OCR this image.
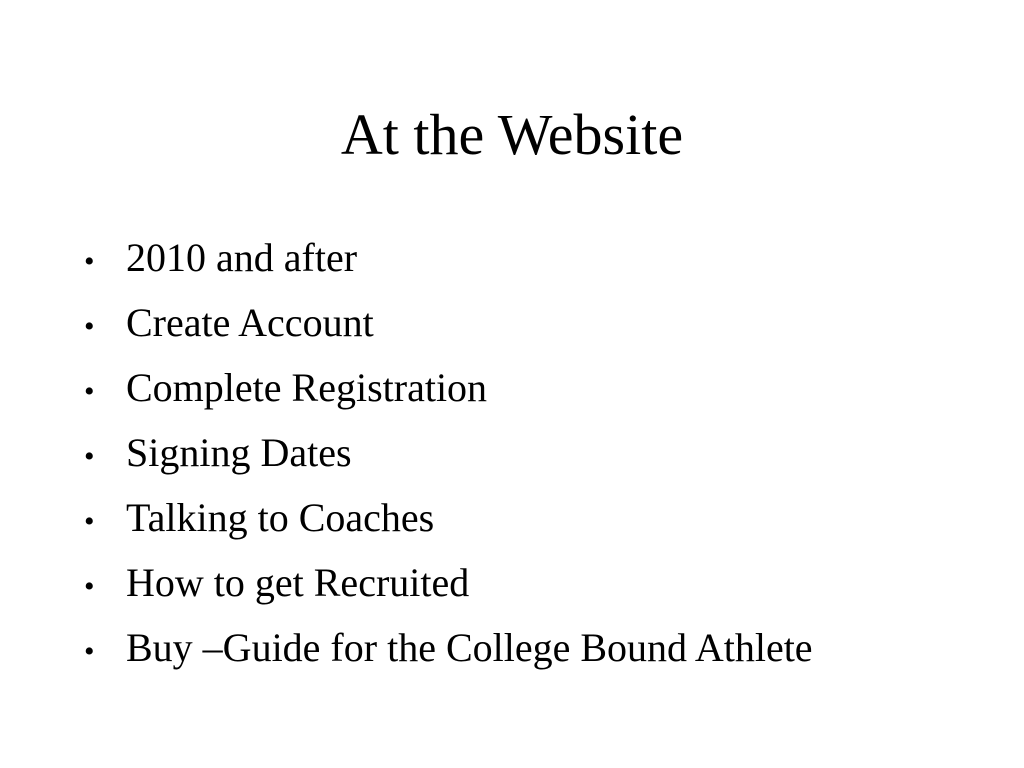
At the Website
• 2010 and after
• Create Account
• Complete Registration
• Signing Dates
• Talking to Coaches
• How to get Recruited
• Buy –Guide for the College Bound Athlete
